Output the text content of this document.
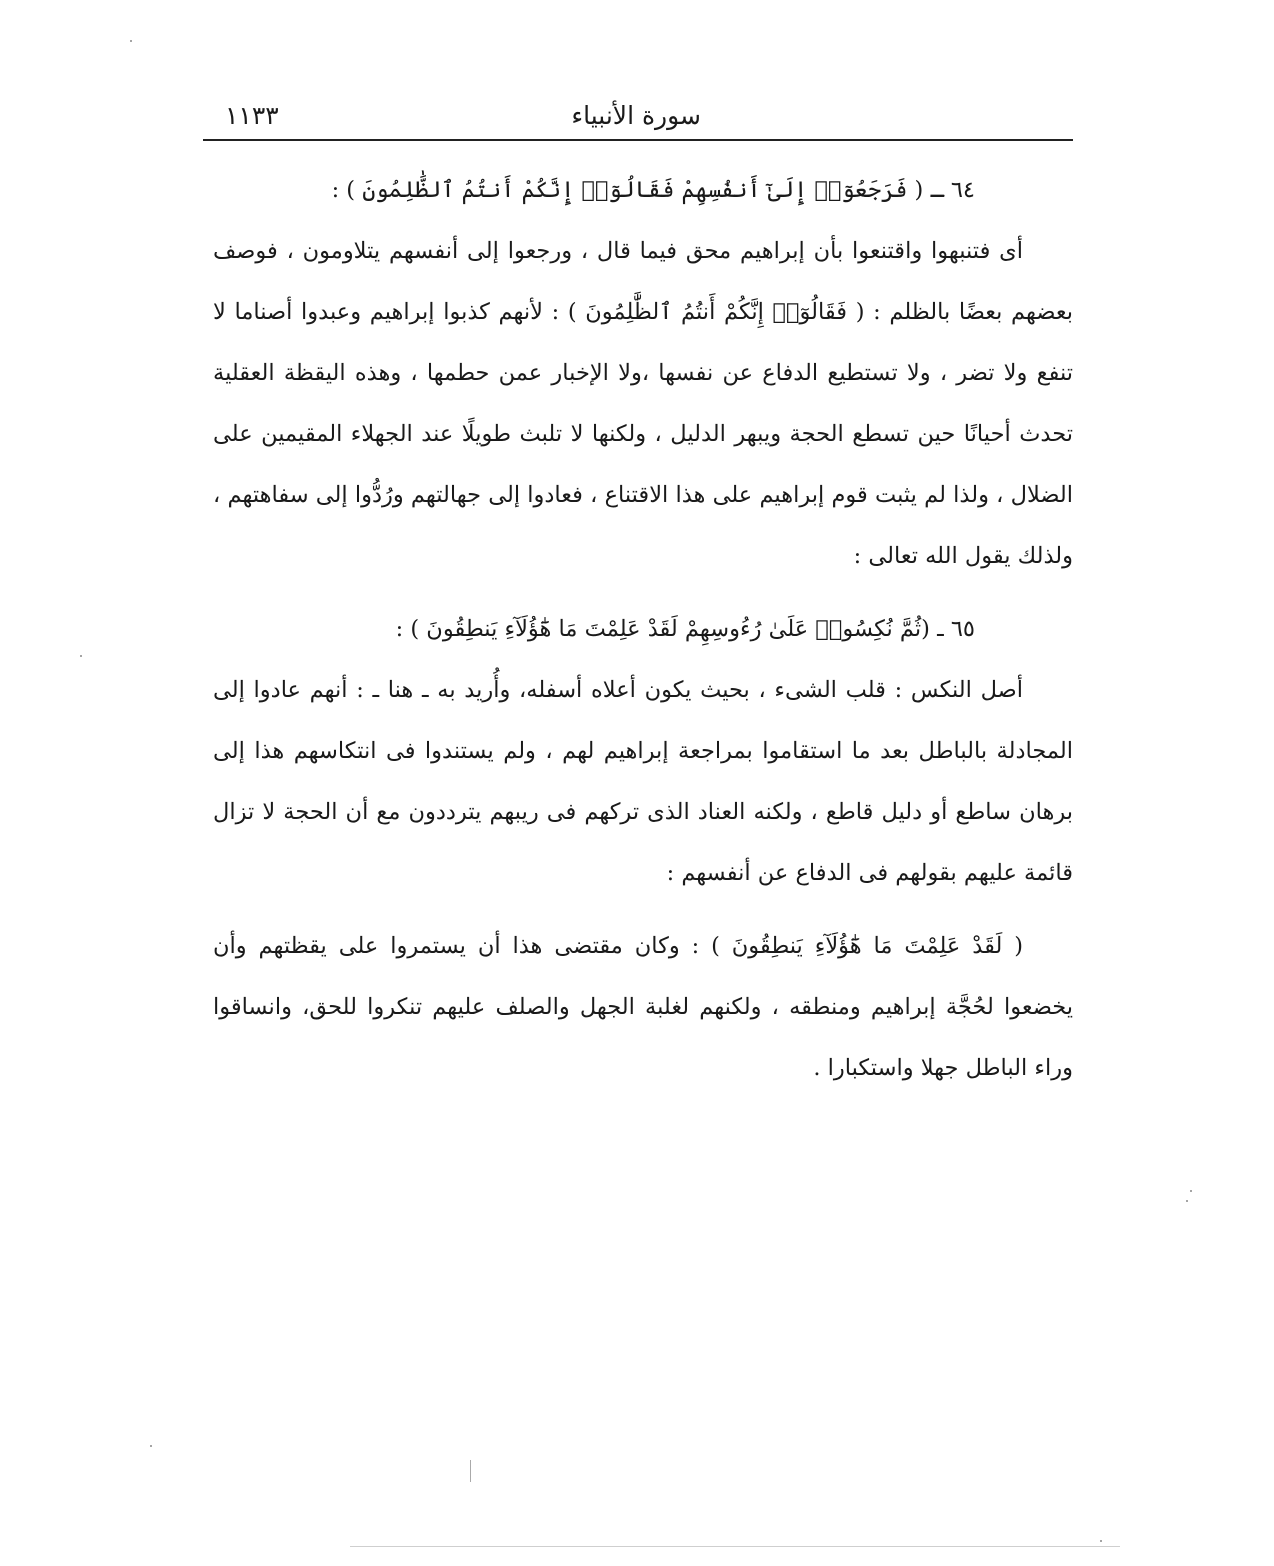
سورة الأنبياء
١١٣٣

٦٤ ـ ( فَرَجَعُوٓا۟ إِلَىٰٓ أَنفُسِهِمْ فَقَالُوٓا۟ إِنَّكُمْ أَنتُمُ ٱلظَّٰلِمُونَ ) :

أى فتنبهوا واقتنعوا بأن إبراهيم محق فيما قال ، ورجعوا إلى أنفسهم يتلاومون ، فوصف بعضهم بعضًا بالظلم : ( فَقَالُوٓا۟ إِنَّكُمْ أَنتُمُ ٱلظَّٰلِمُونَ ) : لأنهم كذبوا إبراهيم وعبدوا أصناما لا تنفع ولا تضر ، ولا تستطيع الدفاع عن نفسها ،ولا الإخبار عمن حطمها ، وهذه اليقظة العقلية تحدث أحيانًا حين تسطع الحجة ويبهر الدليل ، ولكنها لا تلبث طويلًا عند الجهلاء المقيمين على الضلال ، ولذا لم يثبت قوم إبراهيم على هذا الاقتناع ، فعادوا إلى جهالتهم ورُدُّوا إلى سفاهتهم ، ولذلك يقول الله تعالى :

٦٥ ـ (ثُمَّ نُكِسُوا۟ عَلَىٰ رُءُوسِهِمْ لَقَدْ عَلِمْتَ مَا هَٰٓؤُلَآءِ يَنطِقُونَ ) :

أصل النكس : قلب الشىء ، بحيث يكون أعلاه أسفله، وأُريد به ـ هنا ـ : أنهم عادوا إلى المجادلة بالباطل بعد ما استقاموا بمراجعة إبراهيم لهم ، ولم يستندوا فى انتكاسهم هذا إلى برهان ساطع أو دليل قاطع ، ولكنه العناد الذى تركهم فى ريبهم يترددون مع أن الحجة لا تزال قائمة عليهم بقولهم فى الدفاع عن أنفسهم :

( لَقَدْ عَلِمْتَ مَا هَٰٓؤُلَآءِ يَنطِقُونَ ) : وكان مقتضى هذا أن يستمروا على يقظتهم وأن يخضعوا لحُجَّة إبراهيم ومنطقه ، ولكنهم لغلبة الجهل والصلف عليهم تنكروا للحق، وانساقوا وراء الباطل جهلا واستكبارا .
